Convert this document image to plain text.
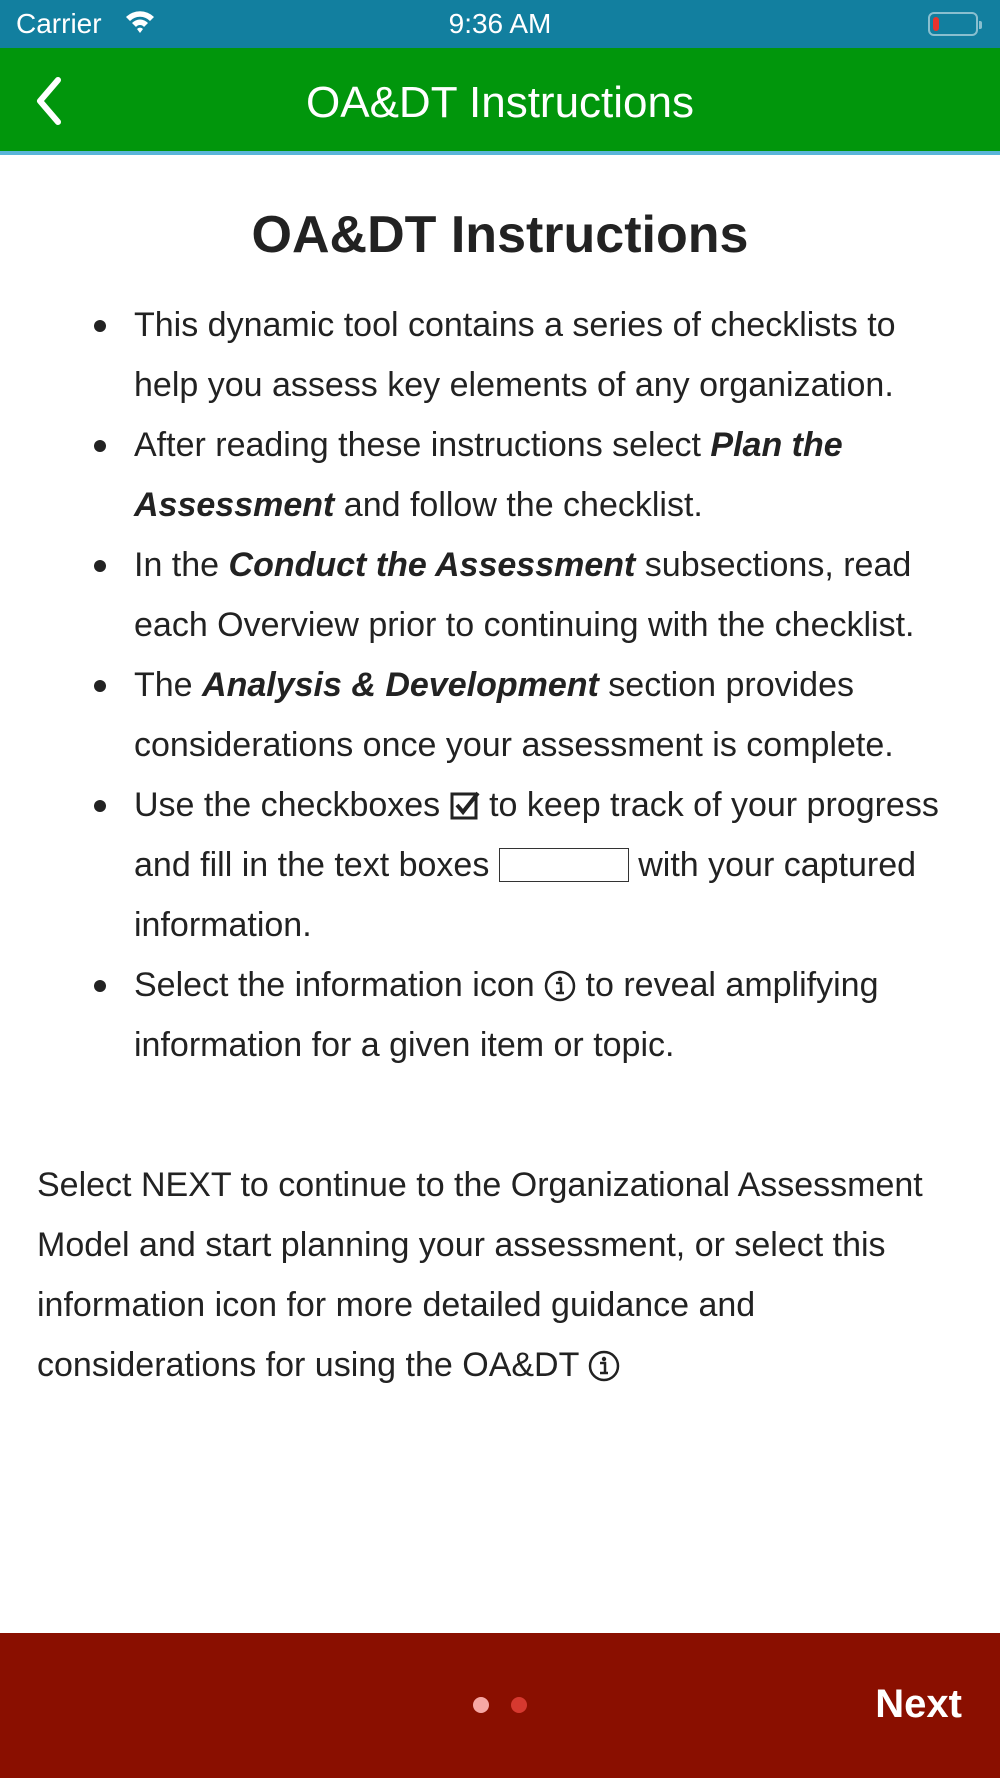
Carrier	9:36 AM
OA&DT Instructions
OA&DT Instructions
This dynamic tool contains a series of checklists to help you assess key elements of any organization.
After reading these instructions select Plan the Assessment and follow the checklist.
In the Conduct the Assessment subsections, read each Overview prior to continuing with the checklist.
The Analysis & Development section provides considerations once your assessment is complete.
Use the checkboxes  to keep track of your progress and fill in the text boxes	with your captured information.
Select the information icon  to reveal amplifying information for a given item or topic.

Select NEXT to continue to the Organizational Assessment Model and start planning your assessment, or select this information icon for more detailed guidance and considerations for using the OA&DT

Next
